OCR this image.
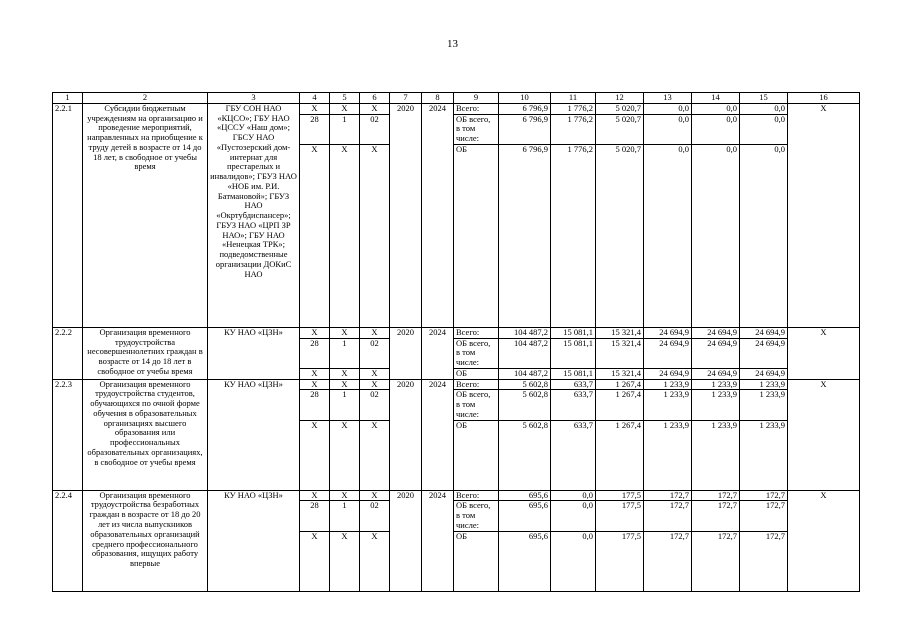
13
1	2	3	4	5	6	7	8	9	10	11	12	13	14	15	16
2.2.1	Субсидии бюджетным учреждениям на организацию и проведение мероприятий, направленных на приобщение к труду детей в возрасте от 14 до 18 лет, в свободное от учебы время	ГБУ СОН НАО «КЦСО»; ГБУ НАО «ЦССУ «Наш дом»; ГБСУ НАО «Пустозерский дом-интернат для престарелых и инвалидов»; ГБУЗ НАО «НОБ им. Р.И. Батмановой»; ГБУЗ НАО «Окртубдиспансер»; ГБУЗ НАО «ЦРП ЗР НАО»; ГБУ НАО «Ненецкая ТРК»; подведомственные организации ДОКиС НАО	Х	Х	Х	2020	2024	Всего:	6 796,9	1 776,2	5 020,7	0,0	0,0	0,0	Х
			28	1	02			ОБ всего, в том числе:	6 796,9	1 776,2	5 020,7	0,0	0,0	0,0	
			Х	Х	Х			ОБ	6 796,9	1 776,2	5 020,7	0,0	0,0	0,0	
2.2.2	Организация временного трудоустройства несовершеннолетних граждан в возрасте от 14 до 18 лет в свободное от учебы время	КУ НАО «ЦЗН»	Х	Х	Х	2020	2024	Всего:	104 487,2	15 081,1	15 321,4	24 694,9	24 694,9	24 694,9	Х
			28	1	02			ОБ всего, в том числе:	104 487,2	15 081,1	15 321,4	24 694,9	24 694,9	24 694,9	
			Х	Х	Х			ОБ	104 487,2	15 081,1	15 321,4	24 694,9	24 694,9	24 694,9	
2.2.3	Организация временного трудоустройства студентов, обучающихся по очной форме обучения в образовательных организациях высшего образования или профессиональных образовательных организациях, в свободное от учебы время	КУ НАО «ЦЗН»	Х	Х	Х	2020	2024	Всего:	5 602,8	633,7	1 267,4	1 233,9	1 233,9	1 233,9	Х
			28	1	02			ОБ всего, в том числе:	5 602,8	633,7	1 267,4	1 233,9	1 233,9	1 233,9	
			Х	Х	Х			ОБ	5 602,8	633,7	1 267,4	1 233,9	1 233,9	1 233,9	
2.2.4	Организация временного трудоустройства безработных граждан в возрасте от 18 до 20 лет из числа выпускников образовательных организаций среднего профессионального образования, ищущих работу впервые	КУ НАО «ЦЗН»	Х	Х	Х	2020	2024	Всего:	695,6	0,0	177,5	172,7	172,7	172,7	Х
			28	1	02			ОБ всего, в том числе:	695,6	0,0	177,5	172,7	172,7	172,7	
			Х	Х	Х			ОБ	695,6	0,0	177,5	172,7	172,7	172,7	
